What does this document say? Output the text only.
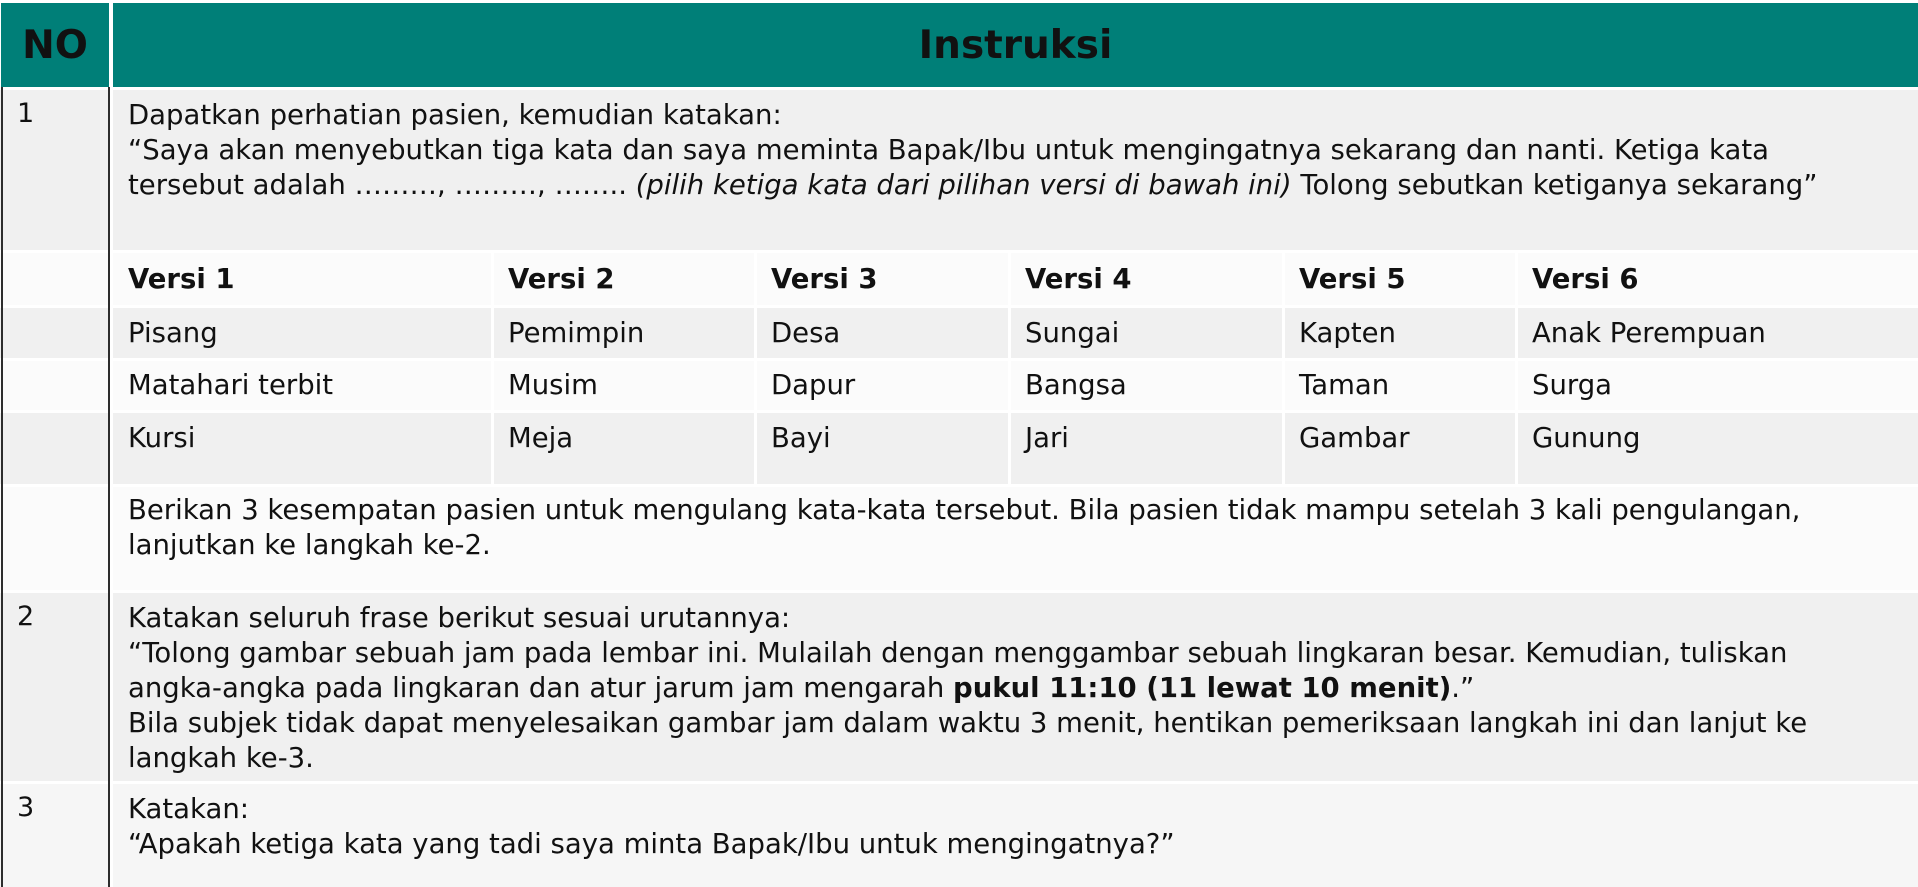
NO	Instruksi
1	Dapatkan perhatian pasien, kemudian katakan:
“Saya akan menyebutkan tiga kata dan saya meminta Bapak/Ibu untuk mengingatnya sekarang dan nanti. Ketiga kata
tersebut adalah ………, ………, …….. (pilih ketiga kata dari pilihan versi di bawah ini) Tolong sebutkan ketiganya sekarang”
Versi 1	Versi 2	Versi 3	Versi 4	Versi 5	Versi 6
Pisang	Pemimpin	Desa	Sungai	Kapten	Anak Perempuan
Matahari terbit	Musim	Dapur	Bangsa	Taman	Surga
Kursi	Meja	Bayi	Jari	Gambar	Gunung
Berikan 3 kesempatan pasien untuk mengulang kata-kata tersebut. Bila pasien tidak mampu setelah 3 kali pengulangan,
lanjutkan ke langkah ke-2.
2	Katakan seluruh frase berikut sesuai urutannya:
“Tolong gambar sebuah jam pada lembar ini. Mulailah dengan menggambar sebuah lingkaran besar. Kemudian, tuliskan
angka-angka pada lingkaran dan atur jarum jam mengarah pukul 11:10 (11 lewat 10 menit).”
Bila subjek tidak dapat menyelesaikan gambar jam dalam waktu 3 menit, hentikan pemeriksaan langkah ini dan lanjut ke
langkah ke-3.
3	Katakan:
“Apakah ketiga kata yang tadi saya minta Bapak/Ibu untuk mengingatnya?”
